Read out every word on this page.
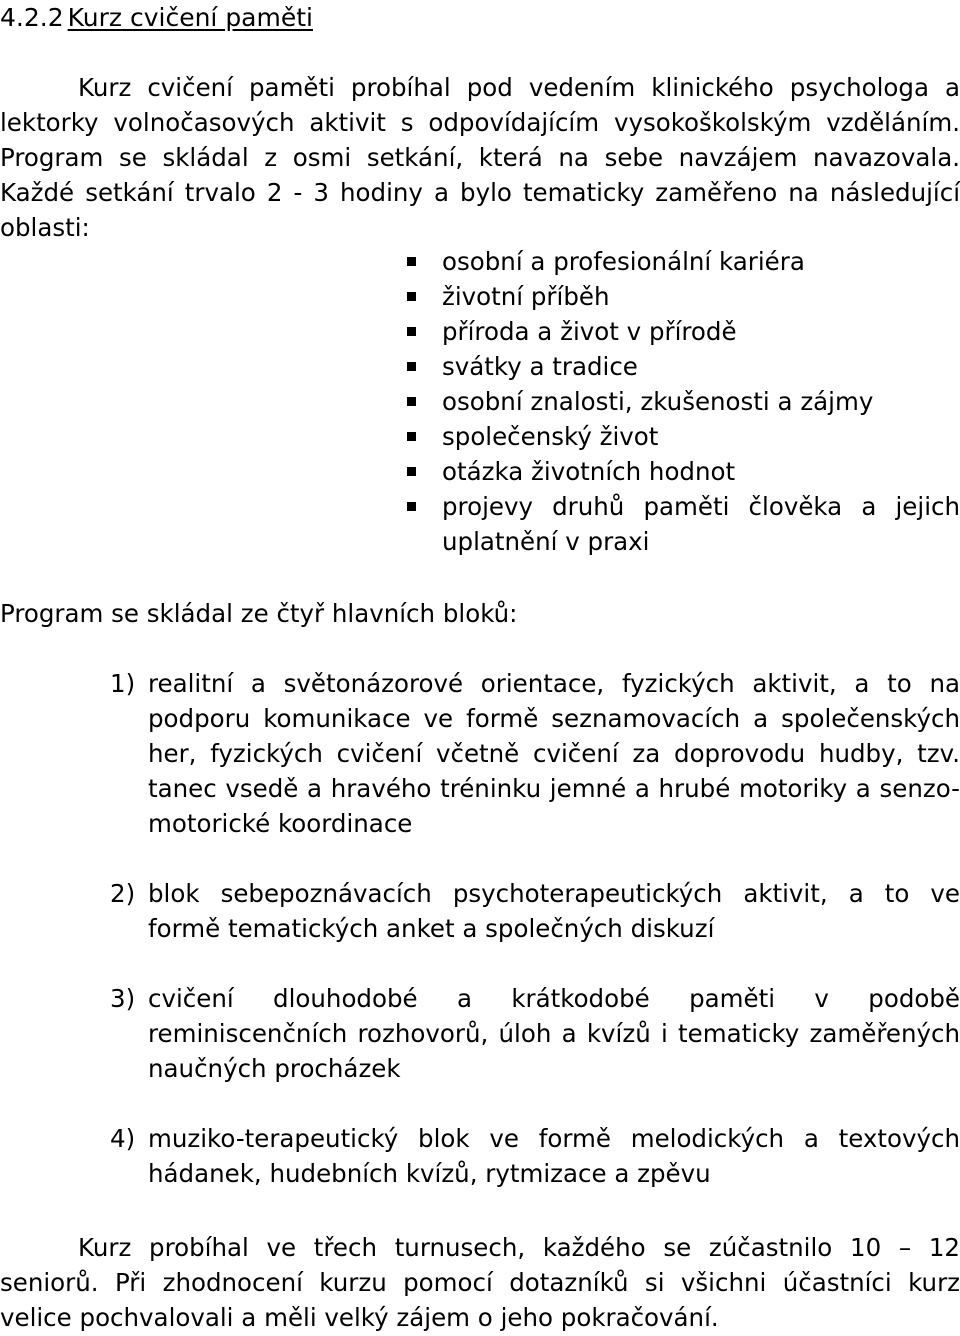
4.2.2 Kurz cvičení paměti

Kurz cvičení paměti probíhal pod vedením klinického psychologa a lektorky volnočasových aktivit s odpovídajícím vysokoškolským vzděláním. Program se skládal z osmi setkání, která na sebe navzájem navazovala. Každé setkání trvalo 2 - 3 hodiny a bylo tematicky zaměřeno na následující oblasti:

osobní a profesionální kariéra
životní příběh
příroda a život v přírodě
svátky a tradice
osobní znalosti, zkušenosti a zájmy
společenský život
otázka životních hodnot
projevy druhů paměti člověka a jejich uplatnění v praxi
Program se skládal ze čtyř hlavních bloků:
1) realitní a světonázorové orientace, fyzických aktivit, a to na podporu komunikace ve formě seznamovacích a společenských her, fyzických cvičení včetně cvičení za doprovodu hudby, tzv. tanec vsedě a hravého tréninku jemné a hrubé motoriky a senzo-motorické koordinace
2) blok sebepoznávacích psychoterapeutických aktivit, a to ve formě tematických anket a společných diskuzí
3) cvičení dlouhodobé a krátkodobé paměti v podobě reminiscenčních rozhovorů, úloh a kvízů i tematicky zaměřených naučných procházek
4) muziko-terapeutický blok ve formě melodických a textových hádanek, hudebních kvízů, rytmizace a zpěvu

Kurz probíhal ve třech turnusech, každého se zúčastnilo 10 – 12 seniorů. Při zhodnocení kurzu pomocí dotazníků si všichni účastníci kurz velice pochvalovali a měli velký zájem o jeho pokračování.
